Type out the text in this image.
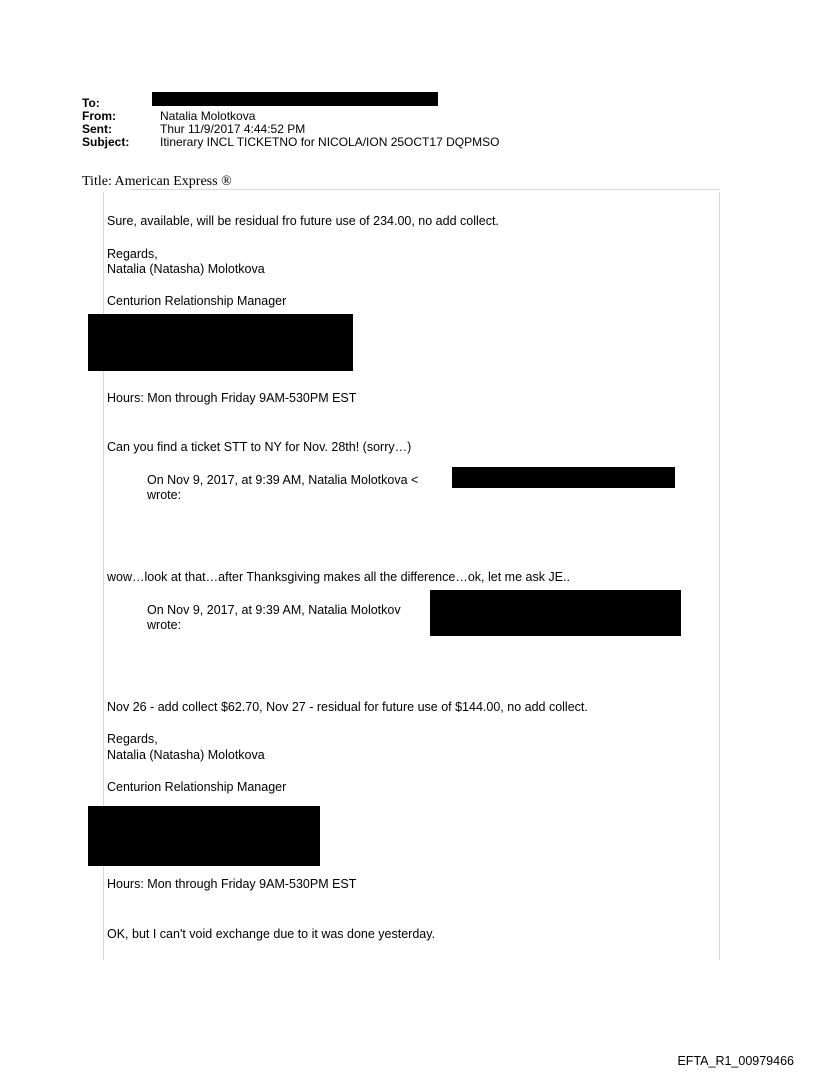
To:
From:	Natalia Molotkova
Sent:	Thur 11/9/2017 4:44:52 PM
Subject:	Itinerary INCL TICKETNO for NICOLA/ION 25OCT17 DQPMSO
Title: American Express ®
Sure, available, will be residual fro future use of 234.00, no add collect.
Regards,
Natalia (Natasha) Molotkova
Centurion Relationship Manager
Hours: Mon through Friday 9AM-530PM EST
Can you find a ticket STT to NY for Nov. 28th! (sorry…)
On Nov 9, 2017, at 9:39 AM, Natalia Molotkova <
wrote:
wow…look at that…after Thanksgiving makes all the difference…ok, let me ask JE..
On Nov 9, 2017, at 9:39 AM, Natalia Molotkov
wrote:
Nov 26 - add collect $62.70, Nov 27 - residual for future use of $144.00, no add collect.
Regards,
Natalia (Natasha) Molotkova
Centurion Relationship Manager
Hours: Mon through Friday 9AM-530PM EST
OK, but I can't void exchange due to it was done yesterday.
EFTA_R1_00979466
